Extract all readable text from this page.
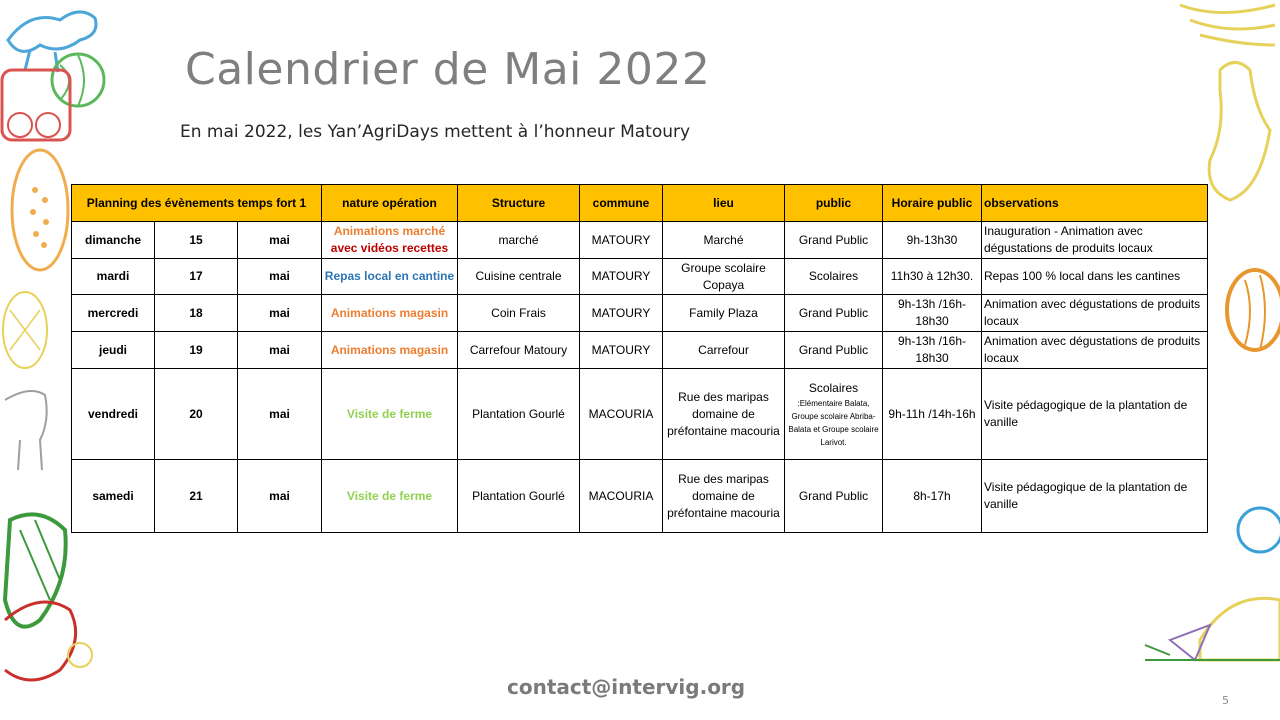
Calendrier de Mai 2022
En mai 2022, les Yan’AgriDays mettent à l’honneur Matoury
Planning des évènements temps fort 1			nature opération	Structure	commune	lieu	public	Horaire public	observations
dimanche	15	mai	Animations marché
avec vidéos recettes	marché	MATOURY	Marché	Grand Public	9h-13h30	Inauguration - Animation avec dégustations de produits locaux
mardi	17	mai	Repas local en cantine	Cuisine centrale	MATOURY	Groupe scolaire Copaya	Scolaires	11h30 à 12h30.	Repas 100 % local dans les cantines
mercredi	18	mai	Animations magasin	Coin Frais	MATOURY	Family Plaza	Grand Public	9h-13h /16h-18h30	Animation avec dégustations de produits locaux
jeudi	19	mai	Animations magasin	Carrefour Matoury	MATOURY	Carrefour	Grand Public	9h-13h /16h-18h30	Animation avec dégustations de produits locaux
vendredi	20	mai	Visite de ferme	Plantation Gourlé	MACOURIA	Rue des maripas domaine de préfontaine macouria	Scolaires
:Elémentaire Balata, Groupe scolaire Abriba-Balata et Groupe scolaire Larivot.	9h-11h /14h-16h	Visite pédagogique de la plantation de vanille
samedi	21	mai	Visite de ferme	Plantation Gourlé	MACOURIA	Rue des maripas domaine de préfontaine macouria	Grand Public	8h-17h	Visite pédagogique de la plantation de vanille
contact@intervig.org
5
